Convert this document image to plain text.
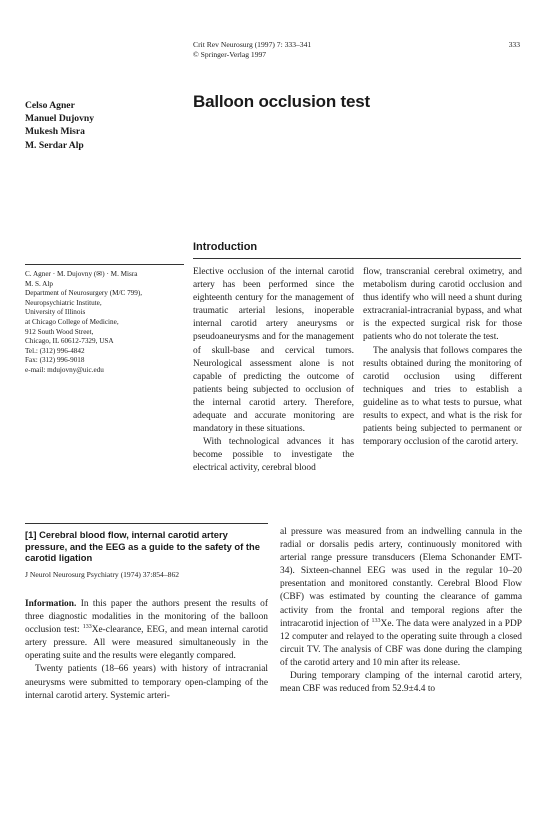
Crit Rev Neurosurg (1997) 7: 333–341
© Springer-Verlag 1997
333
Celso Agner
Manuel Dujovny
Mukesh Misra
M. Serdar Alp
Balloon occlusion test
Introduction
C. Agner · M. Dujovny (✉) · M. Misra
M. S. Alp
Department of Neurosurgery (M/C 799),
Neuropsychiatric Institute,
University of Illinois
at Chicago College of Medicine,
912 South Wood Street,
Chicago, IL 60612-7329, USA
Tel.: (312) 996-4842
Fax: (312) 996-9018
e-mail: mdujovny@uic.edu

Elective occlusion of the internal carotid artery has been performed since the eighteenth century for the management of traumatic arterial lesions, inoperable internal carotid artery aneurysms or pseudoaneurysms and for the management of skull-base and cervical tumors. Neurological assessment alone is not capable of predicting the outcome of patients being subjected to occlusion of the internal carotid artery. Therefore, adequate and accurate monitoring are mandatory in these situations.

With technological advances it has become possible to investigate the electrical activity, cerebral blood

flow, transcranial cerebral oximetry, and metabolism during carotid occlusion and thus identify who will need a shunt during extracranial-intracranial bypass, and what is the expected surgical risk for those patients who do not tolerate the test.

The analysis that follows compares the results obtained during the monitoring of carotid occlusion using different techniques and tries to establish a guideline as to what tests to pursue, what results to expect, and what is the risk for patients being subjected to permanent or temporary occlusion of the carotid artery.

[1] Cerebral blood flow, internal carotid artery pressure, and the EEG as a guide to the safety of the carotid ligation
J Neurol Neurosurg Psychiatry (1974) 37:854–862

Information. In this paper the authors present the results of three diagnostic modalities in the monitoring of the balloon occlusion test: $^{133}$Xe-clearance, EEG, and mean internal carotid artery pressure. All were measured simultaneously in the operating suite and the results were elegantly compared.

Twenty patients (18–66 years) with history of intracranial aneurysms were submitted to temporary open-clamping of the internal carotid artery. Systemic arteri-

al pressure was measured from an indwelling cannula in the radial or dorsalis pedis artery, continuously monitored with arterial range pressure transducers (Elema Schonander EMT-34). Sixteen-channel EEG was used in the regular 10–20 presentation and monitored constantly. Cerebral Blood Flow (CBF) was estimated by counting the clearance of gamma activity from the frontal and temporal regions after the intracarotid injection of $^{133}$Xe. The data were analyzed in a PDP 12 computer and relayed to the operating suite through a closed circuit TV. The analysis of CBF was done during the clamping of the carotid artery and 10 min after its release.

During temporary clamping of the internal carotid artery, mean CBF was reduced from 52.9±4.4 to
